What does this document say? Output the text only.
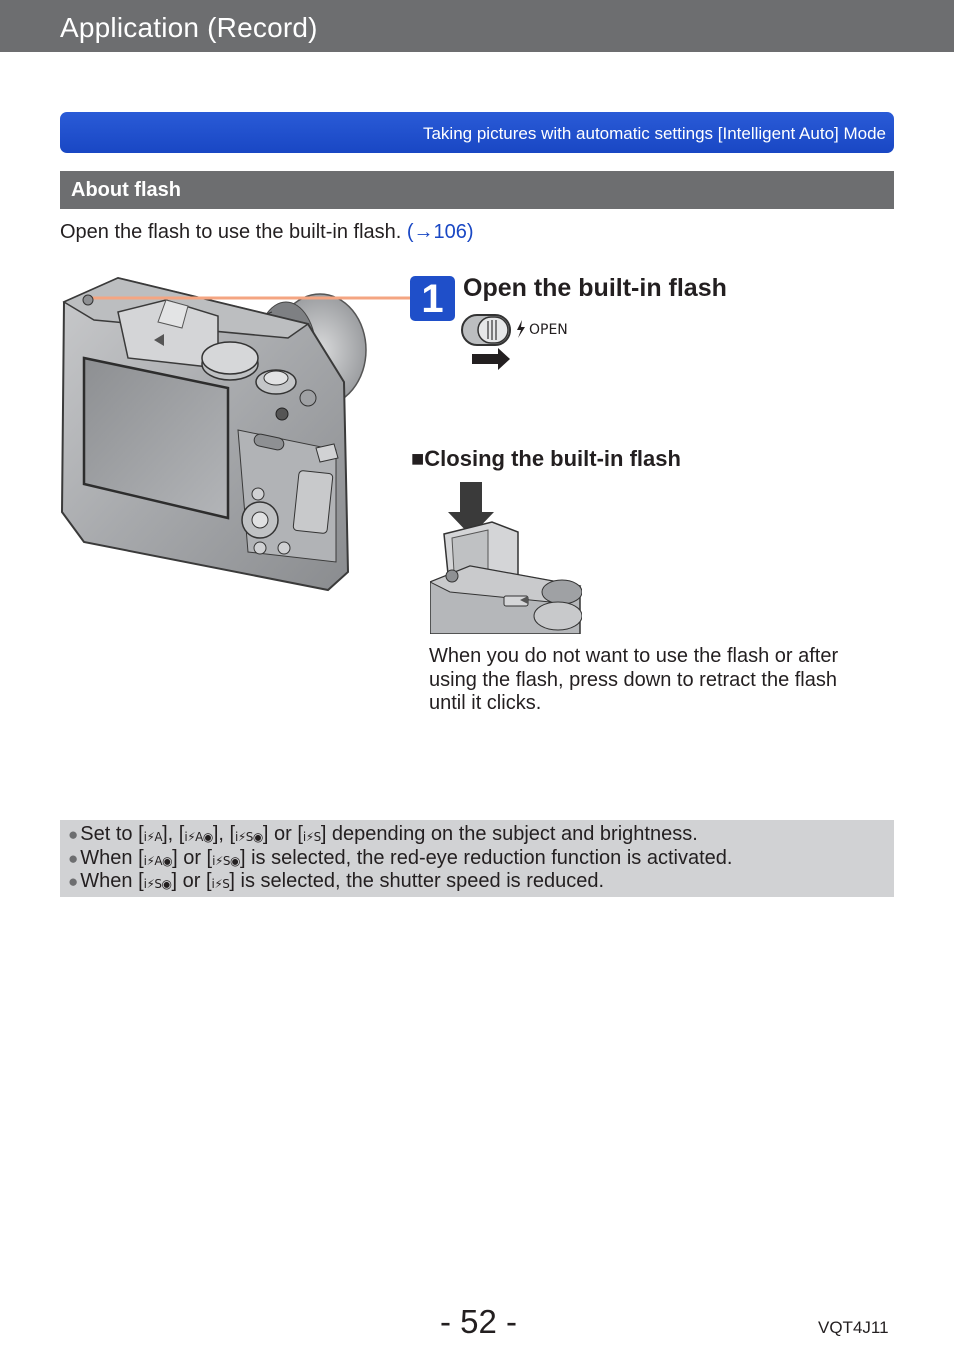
Application (Record)
Taking pictures with automatic settings [Intelligent Auto] Mode
About flash
Open the flash to use the built-in flash. (→106)
1 Open the built-in flash
OPEN
■Closing the built-in flash
When you do not want to use the flash or after using the flash, press down to retract the flash until it clicks.
● Set to [ⅰ⚡A], [ⅰ⚡A◉], [ⅰ⚡S◉] or [ⅰ⚡S] depending on the subject and brightness.
● When [ⅰ⚡A◉] or [ⅰ⚡S◉] is selected, the red-eye reduction function is activated.
● When [ⅰ⚡S◉] or [ⅰ⚡S] is selected, the shutter speed is reduced.
- 52 -	VQT4J11
